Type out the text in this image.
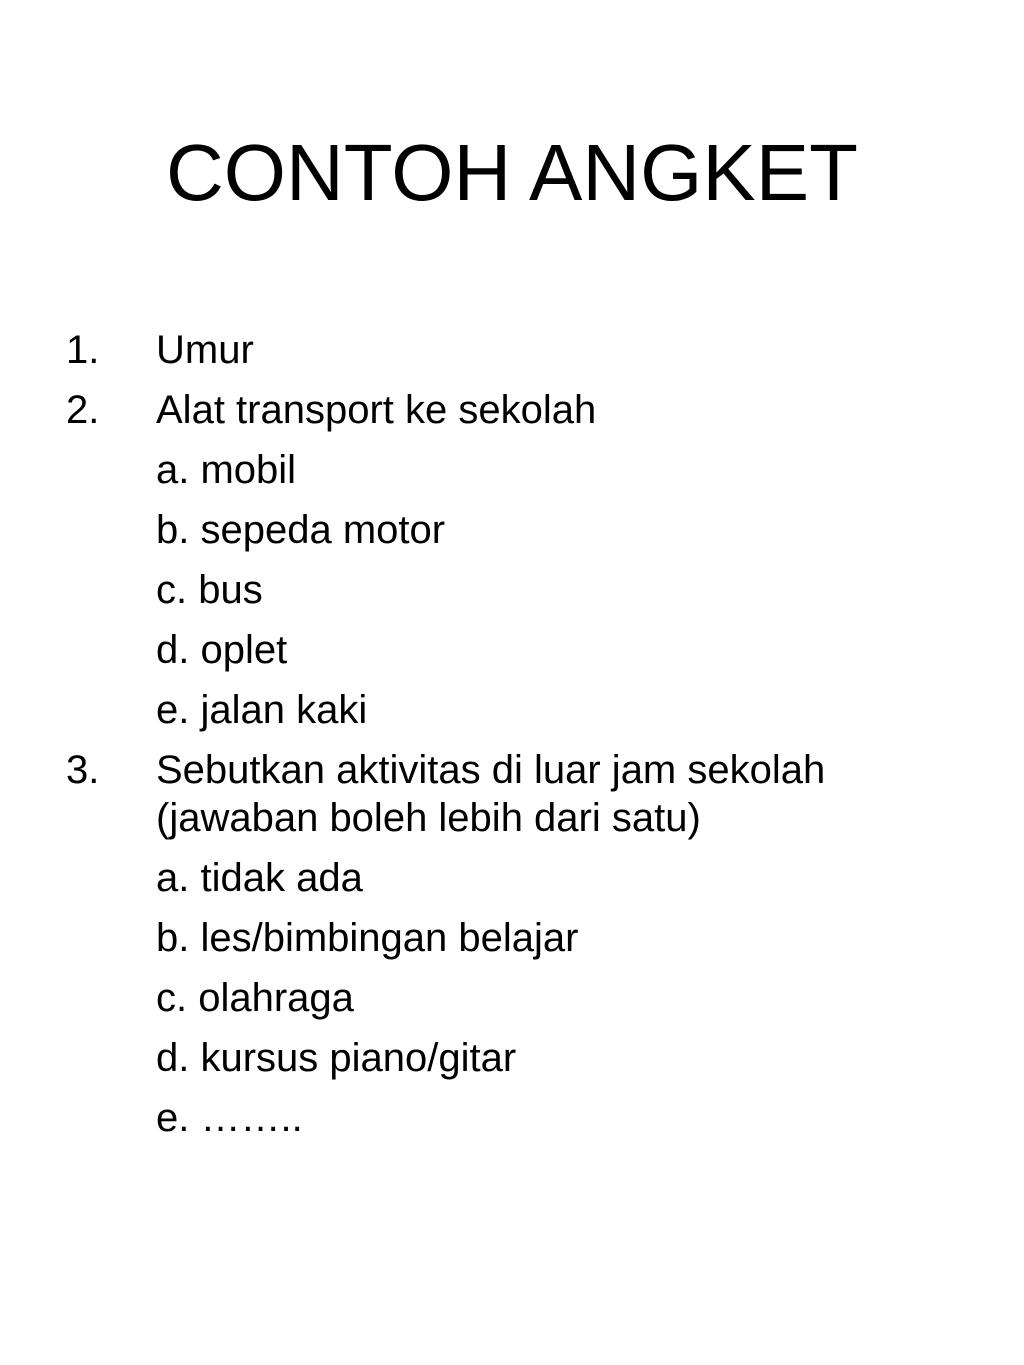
CONTOH ANGKET
1.	Umur
2.	Alat transport ke sekolah
a. mobil
b. sepeda motor
c. bus
d. oplet
e. jalan kaki
3.	Sebutkan aktivitas di luar jam sekolah
(jawaban boleh lebih dari satu)
a. tidak ada
b. les/bimbingan belajar
c. olahraga
d. kursus piano/gitar
e. ……..
